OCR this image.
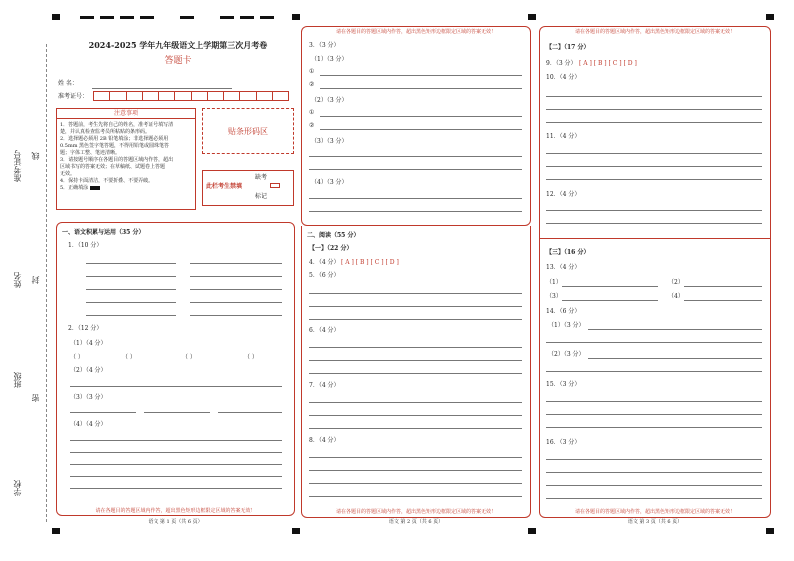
准考证号 线
姓名 封
班级
密
学校
2024-2025 学年九年级语文上学期第三次月考卷
答题卡
姓 名：
准考证号：
注意事项
1．答题前，考生先将自己的姓名，准考证号填写清
楚，并认真检查监考员所粘贴的条形码。
2．选择题必须用 2B 铅笔填涂；非选择题必须用
0.5mm 黑色签字笔答题，不得用铅笔或圆珠笔答
题；字体工整、笔迹清晰。
3．请按题号顺序在各题目的答题区域内作答，超出
区域书写的答案无效；在草稿纸、试题卷上答题
无效。
4．保持卡面清洁，不要折叠、不要弄破。
5．正确填涂
贴条形码区
此栏考生禁填
缺考
标记
一、语文积累与运用（35 分）
1．（10 分）
2．（12 分）
（1）（4 分）
（ ）	（ ）	（ ）	（ ）
（2）（4 分）
（3）（3 分）
（4）（4 分）
请在各题目的答题区域内作答，超出黑色矩形边框限定区域的答案无效！
语文 第 1 页（共 6 页）
请在各题目的答题区域内作答，超出黑色矩形边框限定区域的答案无效！
3．（3 分）
（1）（3 分）
①
②
（2）（3 分）
①
②
（3）（3 分）
（4）（3 分）
二、阅读（55 分）
【一】（22 分）
4．（4 分） [ A ] [ B ] [ C ] [ D ]
5．（6 分）
6．（4 分）
7．（4 分）
8．（4 分）
请在各题目的答题区域内作答，超出黑色矩形边框限定区域的答案无效！
语文 第 2 页（共 6 页）
请在各题目的答题区域内作答，超出黑色矩形边框限定区域的答案无效！
【二】（17 分）
9．（3 分） [ A ] [ B ] [ C ] [ D ]
10．（4 分）
11．（4 分）
12．（4 分）
【三】（16 分）
13．（4 分）
（1）	（2）
（3）	（4）
14．（6 分）
（1）（3 分）
（2）（3 分）
15．（3 分）
16．（3 分）
请在各题目的答题区域内作答，超出黑色矩形边框限定区域的答案无效！
语文 第 3 页（共 6 页）
